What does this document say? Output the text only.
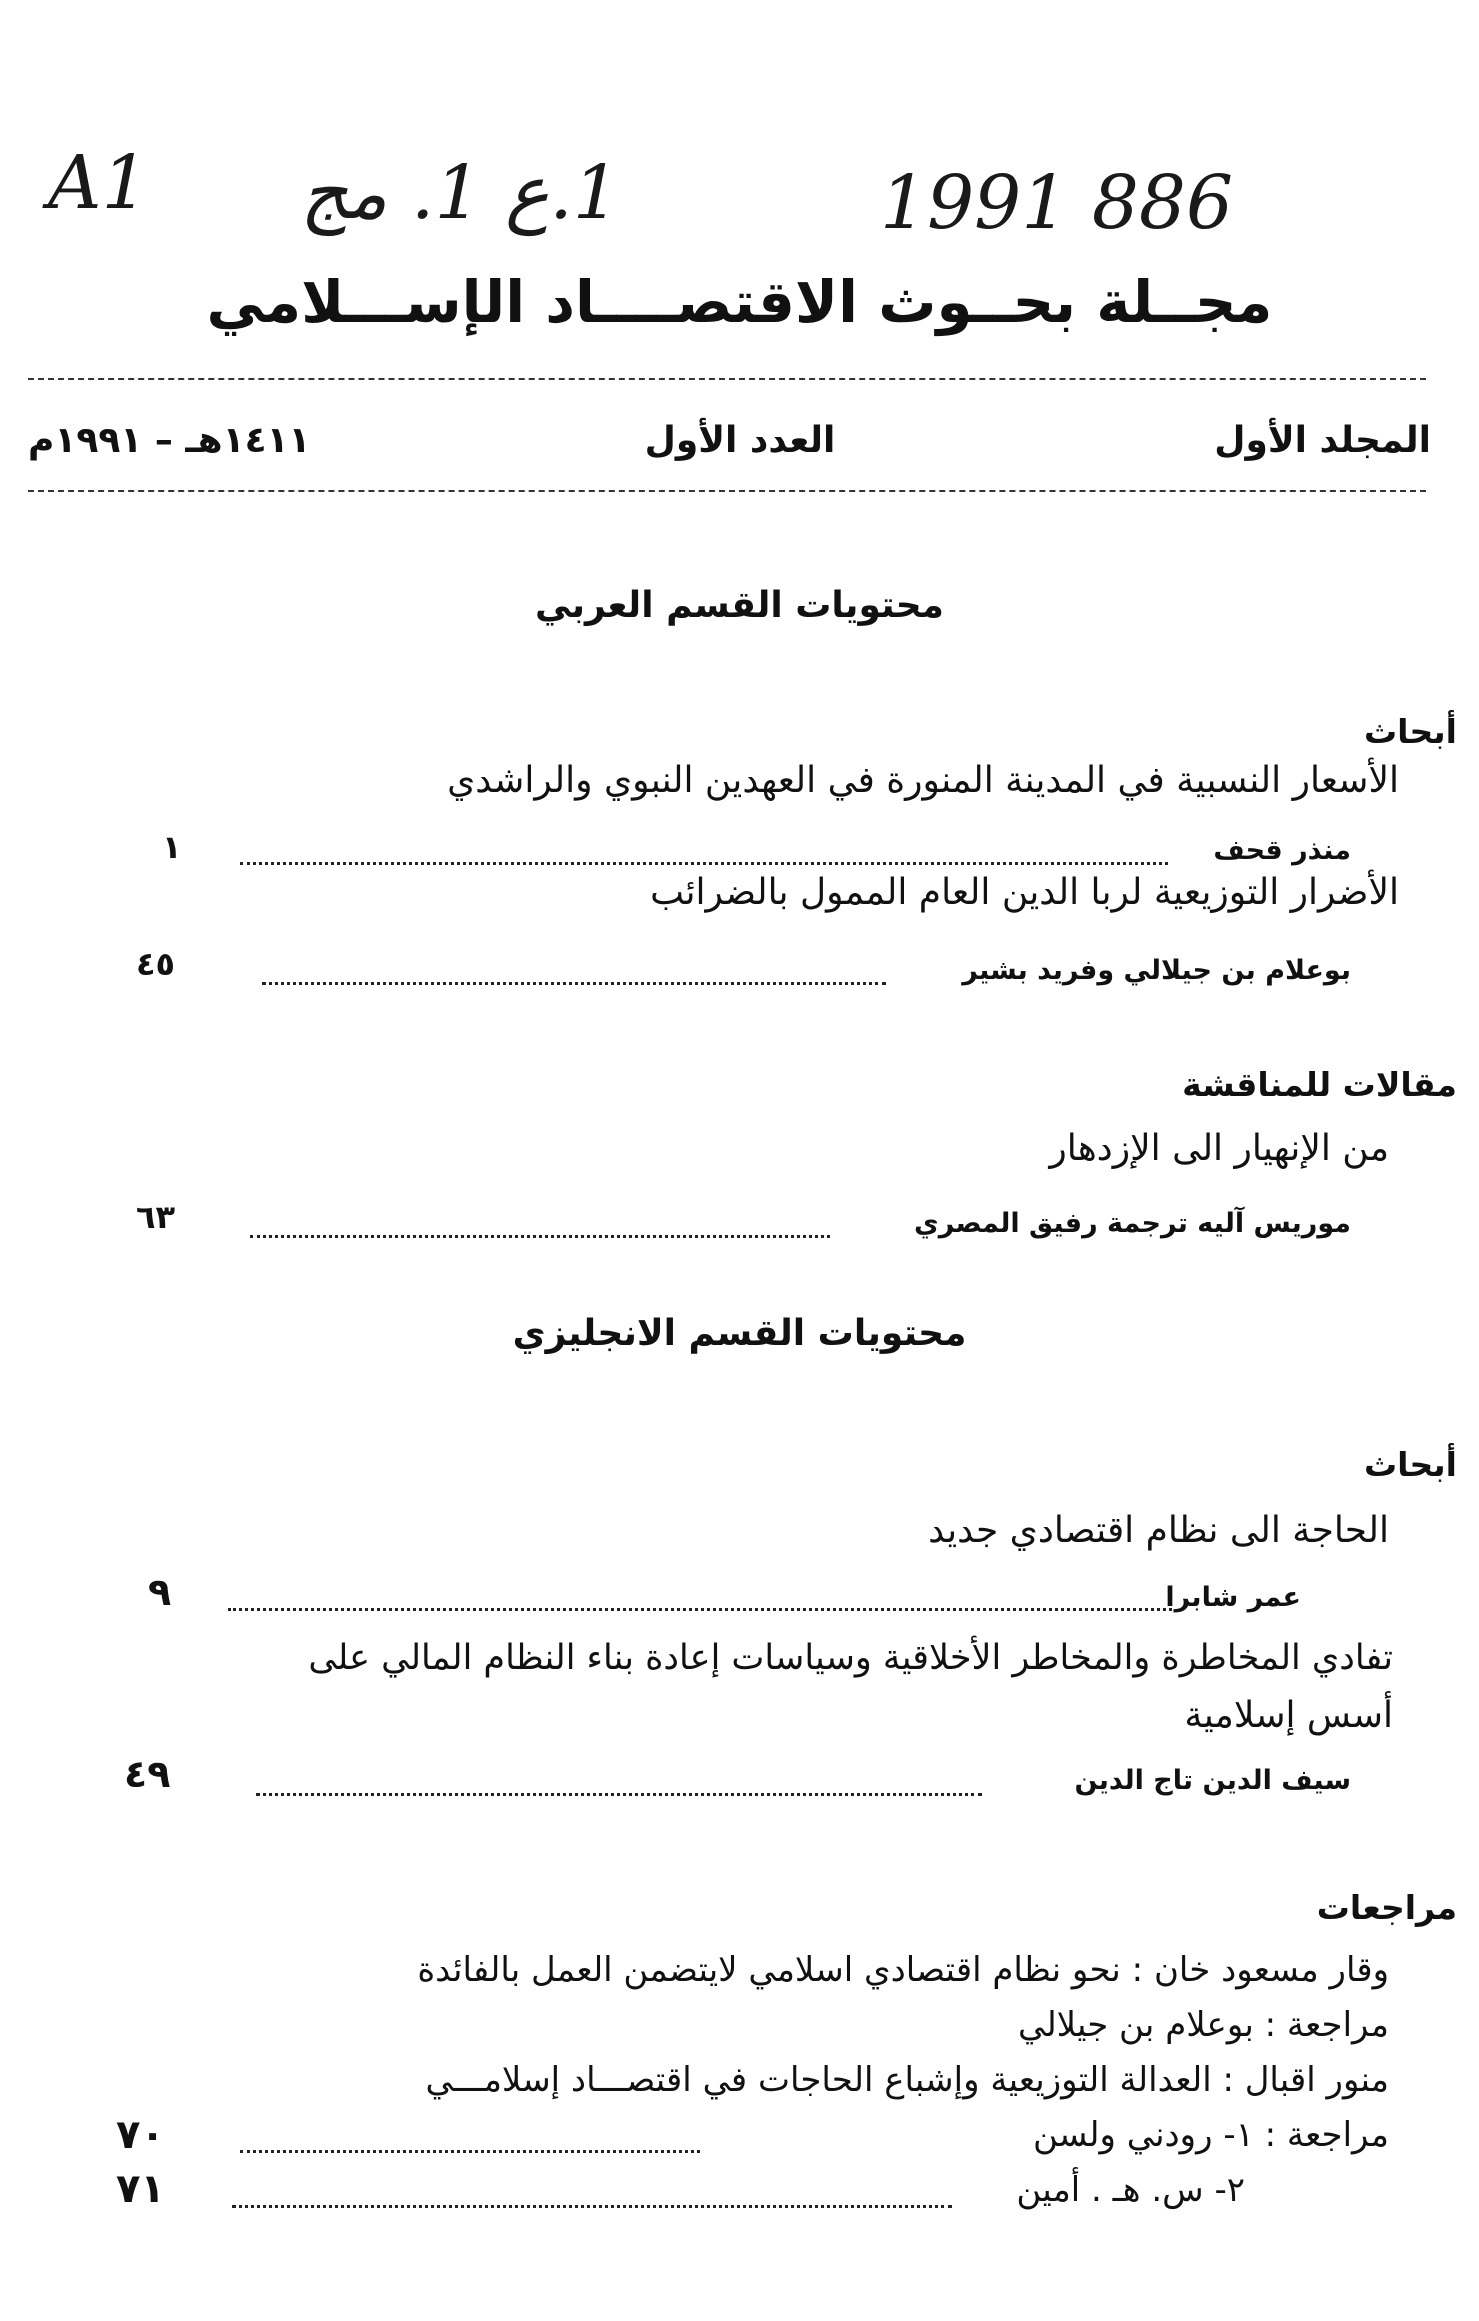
A1 1.ع 1. مج	1991 886
مجــلة بحــوث الاقتصــــاد الإســـلامي
المجلد الأول
العدد الأول
١٤١١هـ – ١٩٩١م
محتويات القسم العربي
أبحاث
الأسعار النسبية في المدينة المنورة في العهدين النبوي والراشدي
منذر قحف
١
الأضرار التوزيعية لربا الدين العام الممول بالضرائب
بوعلام بن جيلالي وفريد بشير
٤٥
مقالات للمناقشة
من الإنهيار الى الإزدهار
موريس آليه ترجمة رفيق المصري
٦٣
محتويات القسم الانجليزي
أبحاث
الحاجة الى نظام اقتصادي جديد
عمر شابرا
٩
تفادي المخاطرة والمخاطر الأخلاقية وسياسات إعادة بناء النظام المالي على
أسس إسلامية
سيف الدين تاج الدين
٤٩
مراجعات
وقار مسعود خان : نحو نظام اقتصادي اسلامي لايتضمن العمل بالفائدة
مراجعة : بوعلام بن جيلالي
منور اقبال : العدالة التوزيعية وإشباع الحاجات في اقتصـــاد إسلامـــي
مراجعة : ١- رودني ولسن
٧٠
٢- س. هـ . أمين
٧١
